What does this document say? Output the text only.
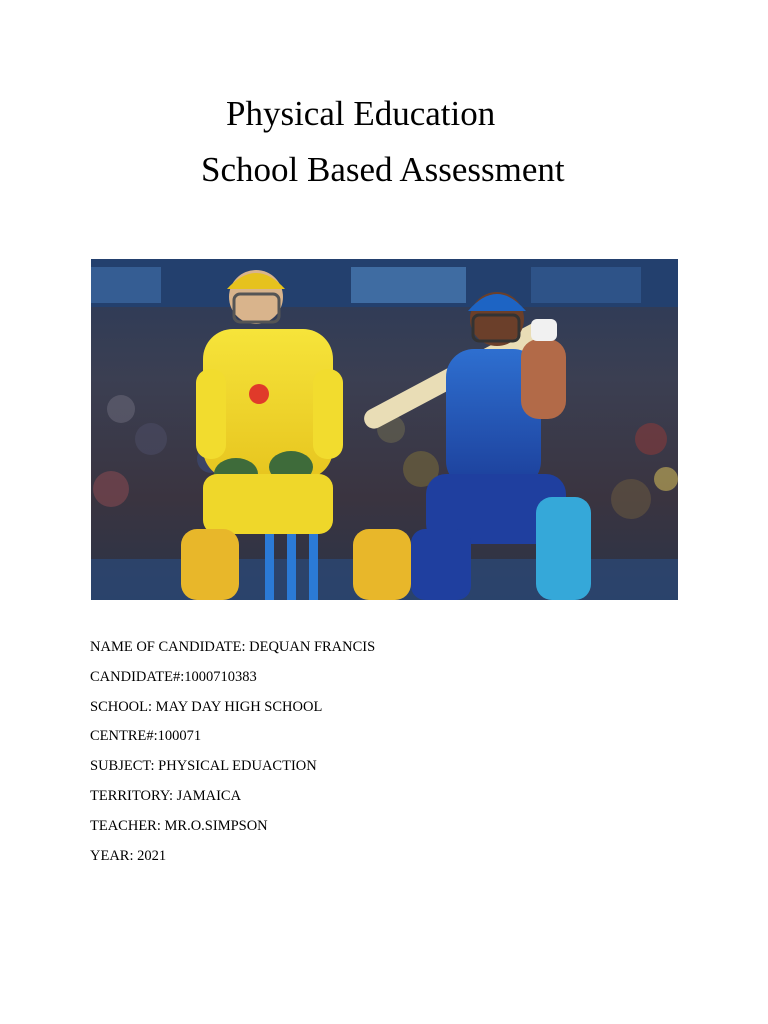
Physical Education
School Based Assessment
NAME OF CANDIDATE: DEQUAN FRANCIS
CANDIDATE#:1000710383
SCHOOL: MAY DAY HIGH SCHOOL
CENTRE#:100071
SUBJECT: PHYSICAL EDUACTION
TERRITORY: JAMAICA
TEACHER: MR.O.SIMPSON
YEAR: 2021
